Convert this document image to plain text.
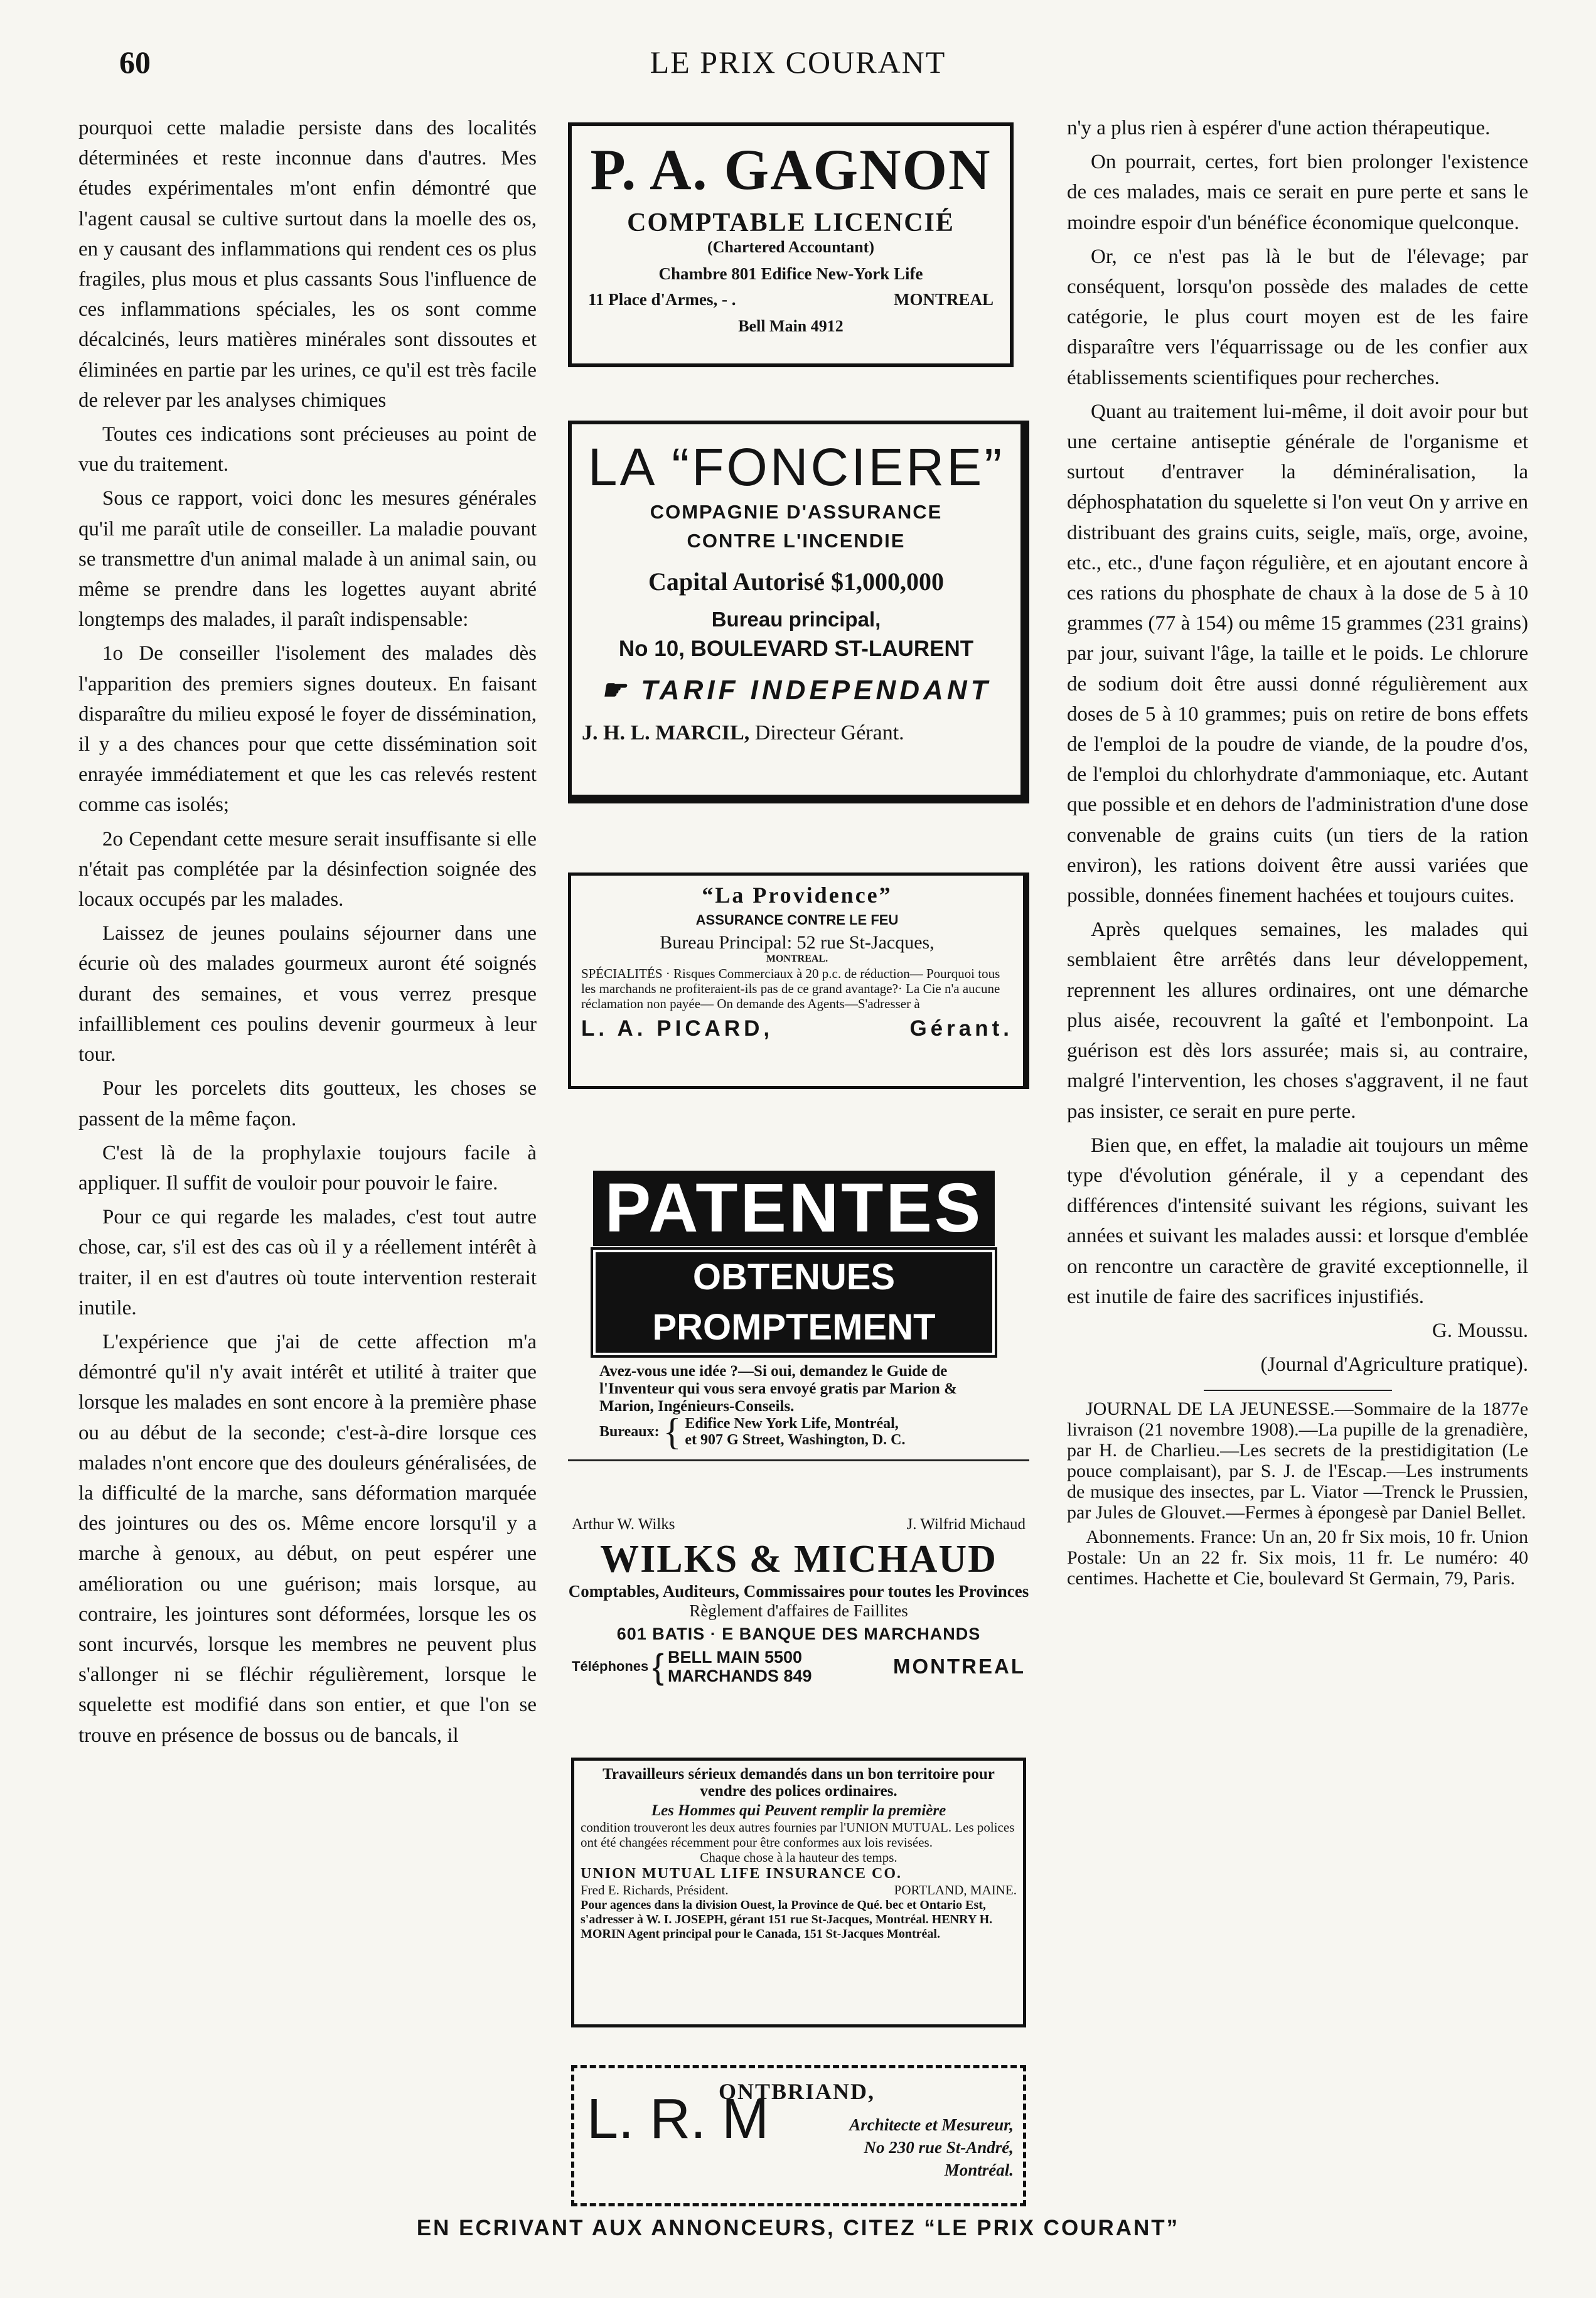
LE PRIX COURANT
60

pourquoi cette maladie persiste dans des localités déterminées et reste inconnue dans d'autres. Mes études expérimentales m'ont enfin démontré que l'agent causal se cultive surtout dans la moelle des os, en y causant des inflammations qui rendent ces os plus fragiles, plus mous et plus cassants Sous l'influence de ces inflammations spéciales, les os sont comme décalcinés, leurs matières minérales sont dissoutes et éliminées en partie par les urines, ce qu'il est très facile de relever par les analyses chimiques

Toutes ces indications sont précieuses au point de vue du traitement.

Sous ce rapport, voici donc les mesures générales qu'il me paraît utile de conseiller. La maladie pouvant se transmettre d'un animal malade à un animal sain, ou même se prendre dans les logettes auyant abrité longtemps des malades, il paraît indispensable:

1o De conseiller l'isolement des malades dès l'apparition des premiers signes douteux. En faisant disparaître du milieu exposé le foyer de dissémination, il y a des chances pour que cette dissémination soit enrayée immédiatement et que les cas relevés restent comme cas isolés;

2o Cependant cette mesure serait insuffisante si elle n'était pas complétée par la désinfection soignée des locaux occupés par les malades.

Laissez de jeunes poulains séjourner dans une écurie où des malades gourmeux auront été soignés durant des semaines, et vous verrez presque infailliblement ces poulins devenir gourmeux à leur tour.

Pour les porcelets dits goutteux, les choses se passent de la même façon.

C'est là de la prophylaxie toujours facile à appliquer. Il suffit de vouloir pour pouvoir le faire.

Pour ce qui regarde les malades, c'est tout autre chose, car, s'il est des cas où il y a réellement intérêt à traiter, il en est d'autres où toute intervention resterait inutile.

L'expérience que j'ai de cette affection m'a démontré qu'il n'y avait intérêt et utilité à traiter que lorsque les malades en sont encore à la première phase ou au début de la seconde; c'est-à-dire lorsque ces malades n'ont encore que des douleurs généralisées, de la difficulté de la marche, sans déformation marquée des jointures ou des os. Même encore lorsqu'il y a marche à genoux, au début, on peut espérer une amélioration ou une guérison; mais lorsque, au contraire, les jointures sont déformées, lorsque les os sont incurvés, lorsque les membres ne peuvent plus s'allonger ni se fléchir régulièrement, lorsque le squelette est modifié dans son entier, et que l'on se trouve en présence de bossus ou de bancals, il

n'y a plus rien à espérer d'une action thérapeutique.

On pourrait, certes, fort bien prolonger l'existence de ces malades, mais ce serait en pure perte et sans le moindre espoir d'un bénéfice économique quelconque.

Or, ce n'est pas là le but de l'élevage; par conséquent, lorsqu'on possède des malades de cette catégorie, le plus court moyen est de les faire disparaître vers l'équarrissage ou de les confier aux établissements scientifiques pour recherches.

Quant au traitement lui-même, il doit avoir pour but une certaine antiseptie générale de l'organisme et surtout d'entraver la déminéralisation, la déphosphatation du squelette si l'on veut On y arrive en distribuant des grains cuits, seigle, maïs, orge, avoine, etc., etc., d'une façon régulière, et en ajoutant encore à ces rations du phosphate de chaux à la dose de 5 à 10 grammes (77 à 154) ou même 15 grammes (231 grains) par jour, suivant l'âge, la taille et le poids. Le chlorure de sodium doit être aussi donné régulièrement aux doses de 5 à 10 grammes; puis on retire de bons effets de l'emploi de la poudre de viande, de la poudre d'os, de l'emploi du chlorhydrate d'ammoniaque, etc. Autant que possible et en dehors de l'administration d'une dose convenable de grains cuits (un tiers de la ration environ), les rations doivent être aussi variées que possible, données finement hachées et toujours cuites.

Après quelques semaines, les malades qui semblaient être arrêtés dans leur développement, reprennent les allures ordinaires, ont une démarche plus aisée, recouvrent la gaîté et l'embonpoint. La guérison est dès lors assurée; mais si, au contraire, malgré l'intervention, les choses s'aggravent, il ne faut pas insister, ce serait en pure perte.

Bien que, en effet, la maladie ait toujours un même type d'évolution générale, il y a cependant des différences d'intensité suivant les régions, suivant les années et suivant les malades aussi: et lorsque d'emblée on rencontre un caractère de gravité exceptionnelle, il est inutile de faire des sacrifices injustifiés.

G. Moussu.

(Journal d'Agriculture pratique).

JOURNAL DE LA JEUNESSE.—Sommaire de la 1877e livraison (21 novembre 1908).—La pupille de la grenadière, par H. de Charlieu.—Les secrets de la prestidigitation (Le pouce complaisant), par S. J. de l'Escap.—Les instruments de musique des insectes, par L. Viator —Trenck le Prussien, par Jules de Glouvet.—Fermes à épongesè par Daniel Bellet.

Abonnements. France: Un an, 20 fr Six mois, 10 fr. Union Postale: Un an 22 fr. Six mois, 11 fr. Le numéro: 40 centimes. Hachette et Cie, boulevard St Germain, 79, Paris.

P. A. GAGNON
COMPTABLE LICENCIÉ
(Chartered Accountant)
Chambre 801 Edifice New-York Life
11 Place d'Armes, - .	MONTREAL
Bell Main 4912
LA “FONCIERE”
COMPAGNIE D'ASSURANCE
CONTRE L'INCENDIE
Capital Autorisé $1,000,000
Bureau principal,
No 10, BOULEVARD ST-LAURENT
☛ TARIF INDEPENDANT
J. H. L. MARCIL, Directeur Gérant.
“La Providence”
ASSURANCE CONTRE LE FEU
Bureau Principal: 52 rue St-Jacques,
MONTREAL.
SPÉCIALITÉS · Risques Commerciaux à 20 p.c. de réduction— Pourquoi tous les marchands ne profiteraient-ils pas de ce grand avantage?· La Cie n'a aucune réclamation non payée— On demande des Agents—S'adresser à
L. A. PICARD,	Gérant.
PATENTES
OBTENUES PROMPTEMENT
Avez-vous une idée ?—Si oui, demandez le Guide de l'Inventeur qui vous sera envoyé gratis par Marion & Marion, Ingénieurs-Conseils.
Bureaux: { Edifice New York Life, Montréal,
et 907 G Street, Washington, D. C.
Arthur W. Wilks	J. Wilfrid Michaud
WILKS & MICHAUD
Comptables, Auditeurs, Commissaires pour toutes les Provinces
Règlement d'affaires de Faillites
601 BATIS · E BANQUE DES MARCHANDS
Téléphones { BELL MAIN 5500
MARCHANDS 849	MONTREAL
Travailleurs sérieux demandés dans un bon territoire pour vendre des polices ordinaires.
Les Hommes qui Peuvent remplir la première
condition trouveront les deux autres fournies par l'UNION MUTUAL. Les polices ont été changées récemment pour être conformes aux lois revisées.
Chaque chose à la hauteur des temps.
UNION MUTUAL LIFE INSURANCE CO.
Fred E. Richards, Président.	PORTLAND, MAINE.
Pour agences dans la division Ouest, la Province de Qué. bec et Ontario Est, s'adresser à W. I. JOSEPH, gérant 151 rue St-Jacques, Montréal. HENRY H. MORIN Agent principal pour le Canada, 151 St-Jacques Montréal.
L. R. M
ONTBRIAND,
Architecte et Mesureur,
No 230 rue St-André,
Montréal.
EN ECRIVANT AUX ANNONCEURS, CITEZ “LE PRIX COURANT”
